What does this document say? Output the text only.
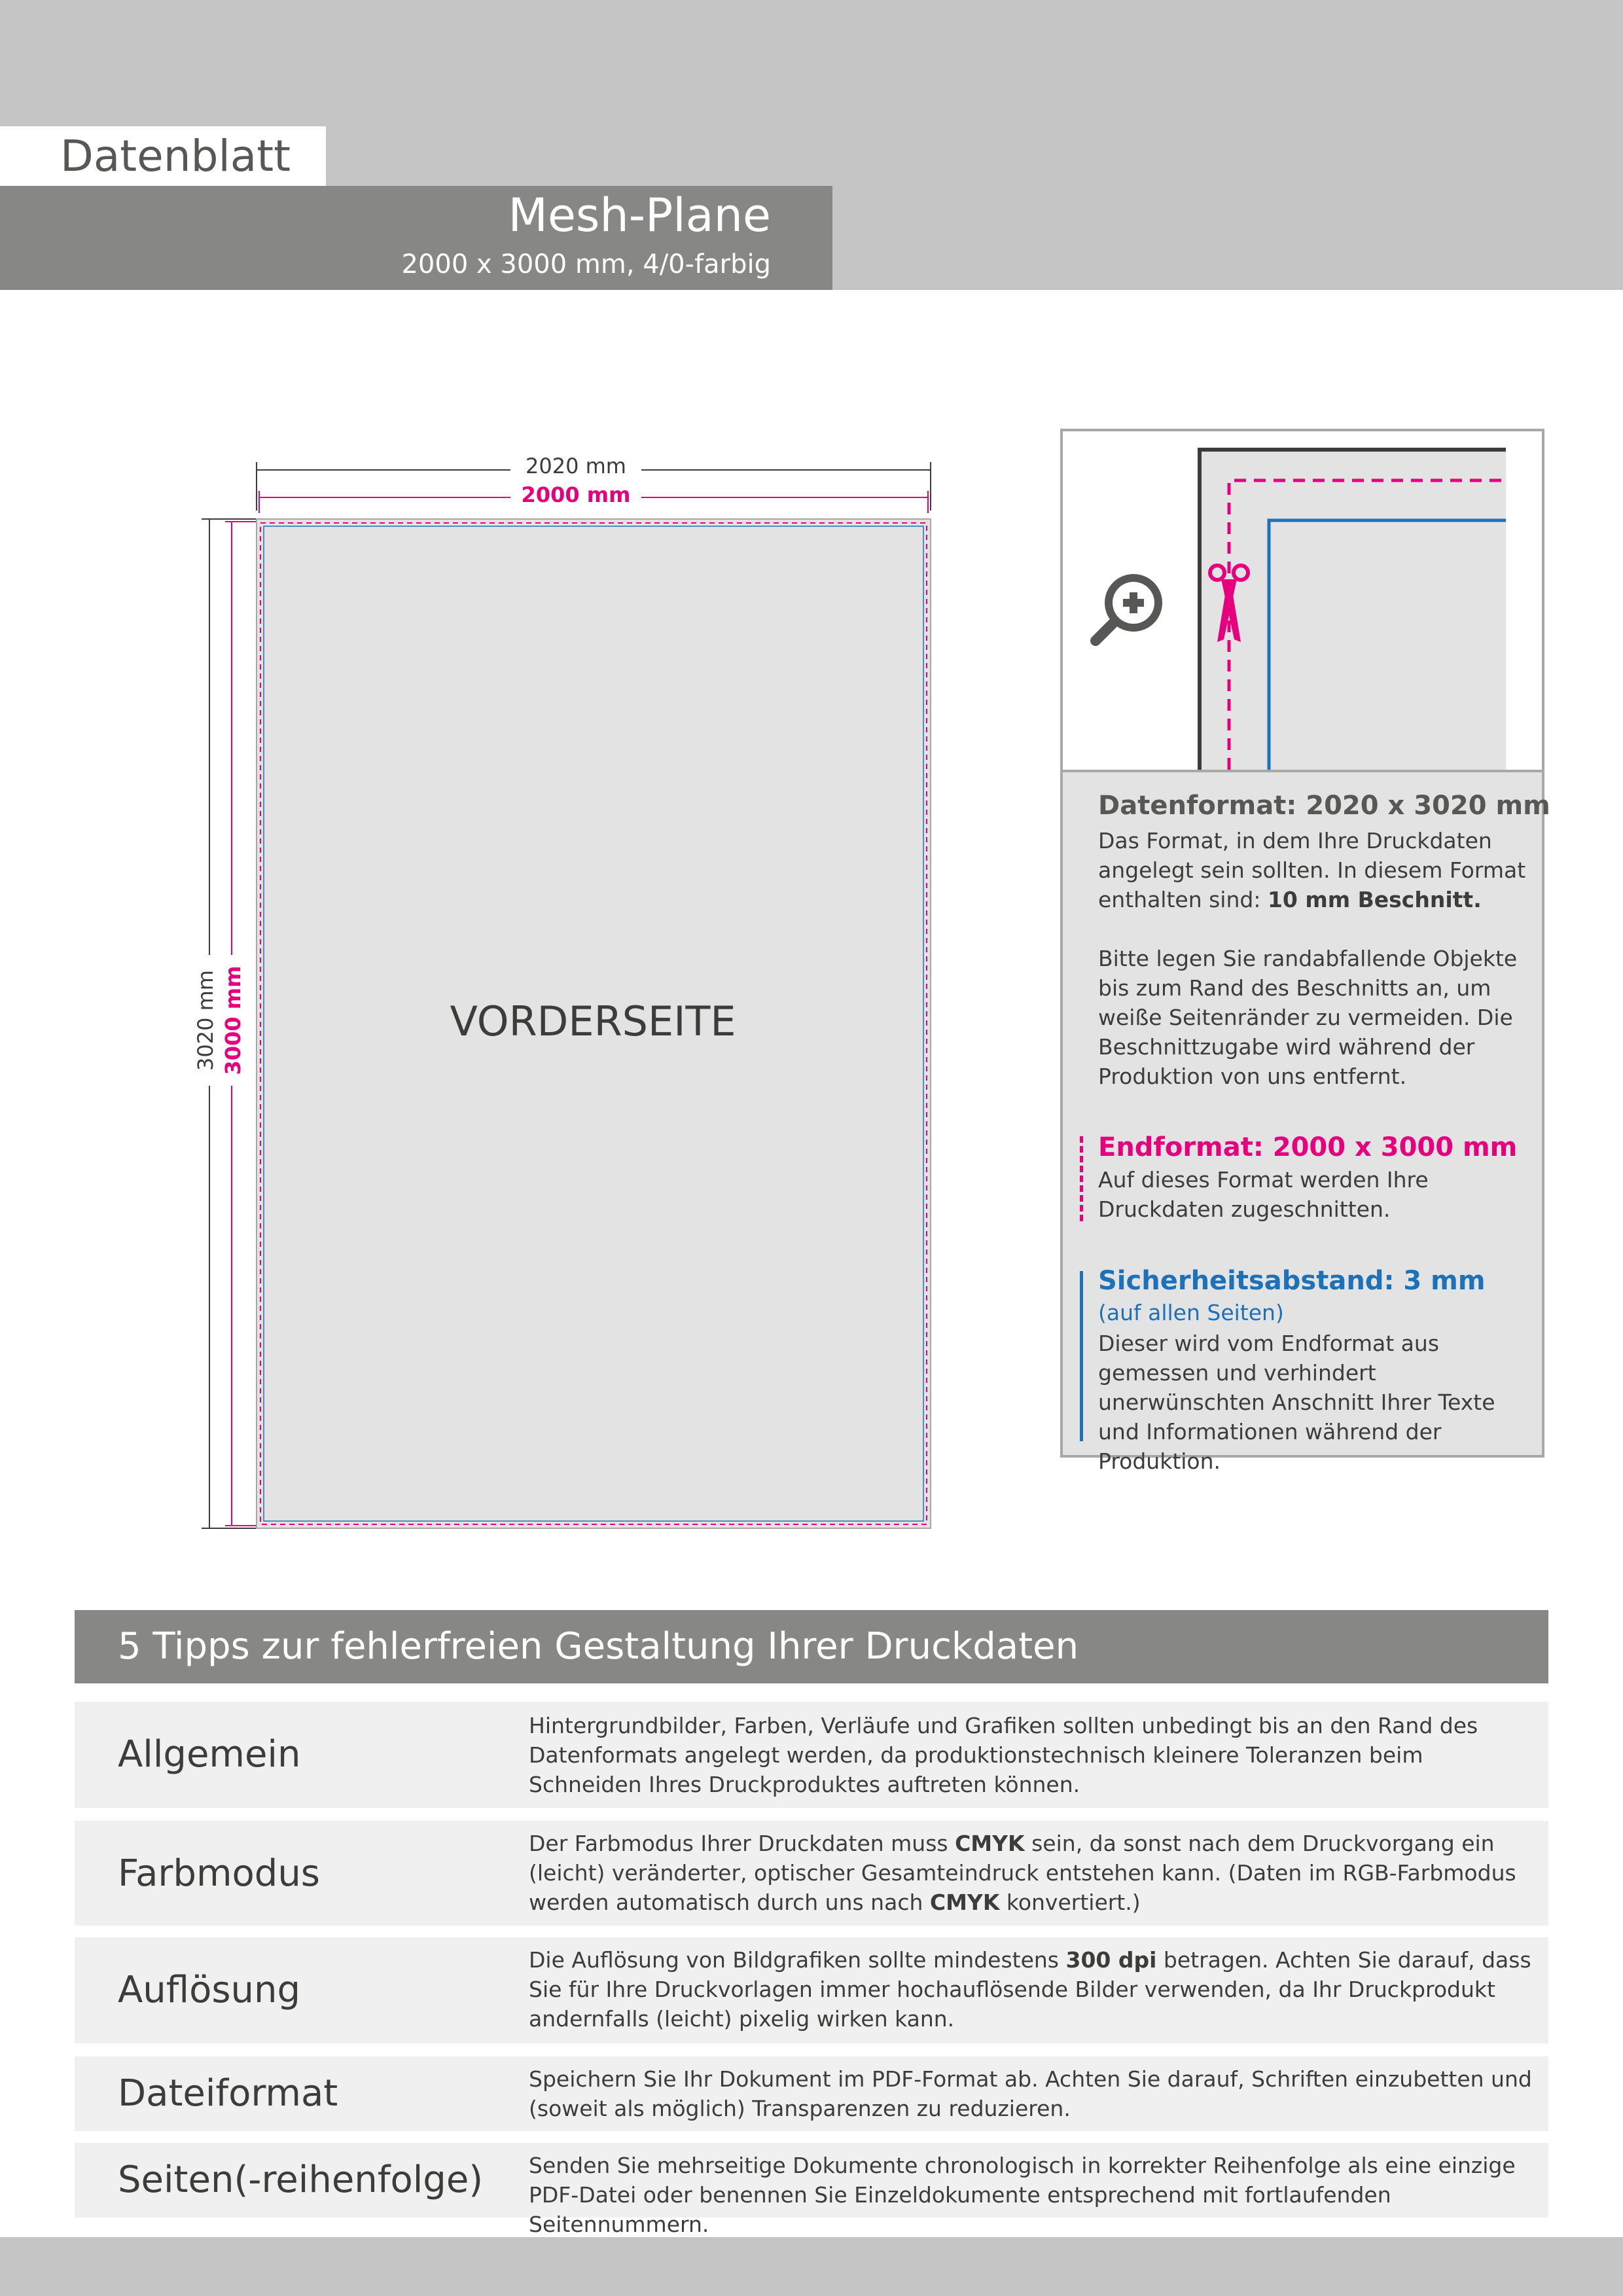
Datenblatt
Mesh-Plane
2000 x 3000 mm, 4/0-farbig
2020 mm
2000 mm
3020 mm 3000 mm	VORDERSEITE
Datenformat: 2020 x 3020 mm
Das Format, in dem Ihre Druckdaten angelegt sein sollten. In diesem Format enthalten sind: 10 mm Beschnitt.
Bitte legen Sie randabfallende Objekte bis zum Rand des Beschnitts an, um weiße Seitenränder zu vermeiden. Die Beschnittzugabe wird während der Produktion von uns entfernt.
Endformat: 2000 x 3000 mm
Auf dieses Format werden Ihre Druckdaten zugeschnitten.
Sicherheitsabstand: 3 mm
(auf allen Seiten)
Dieser wird vom Endformat aus gemessen und verhindert unerwünschten Anschnitt Ihrer Texte und Informationen während der Produktion.
5 Tipps zur fehlerfreien Gestaltung Ihrer Druckdaten
Allgemein
Hintergrundbilder, Farben, Verläufe und Grafiken sollten unbedingt bis an den Rand des Datenformats angelegt werden, da produktionstechnisch kleinere Toleranzen beim Schneiden Ihres Druckproduktes auftreten können.
Farbmodus
Der Farbmodus Ihrer Druckdaten muss CMYK sein, da sonst nach dem Druckvorgang ein (leicht) veränderter, optischer Gesamteindruck entstehen kann. (Daten im RGB-Farbmodus werden automatisch durch uns nach CMYK konvertiert.)
Auflösung
Die Auflösung von Bildgrafiken sollte mindestens 300 dpi betragen. Achten Sie darauf, dass Sie für Ihre Druckvorlagen immer hochauflösende Bilder verwenden, da Ihr Druckprodukt andernfalls (leicht) pixelig wirken kann.
Dateiformat	Speichern Sie Ihr Dokument im PDF-Format ab. Achten Sie darauf, Schriften einzubetten und (soweit als möglich) Transparenzen zu reduzieren.
Seiten(-reihenfolge) Senden Sie mehrseitige Dokumente chronologisch in korrekter Reihenfolge als eine einzige PDF-Datei oder benennen Sie Einzeldokumente entsprechend mit fortlaufenden Seitennummern.
